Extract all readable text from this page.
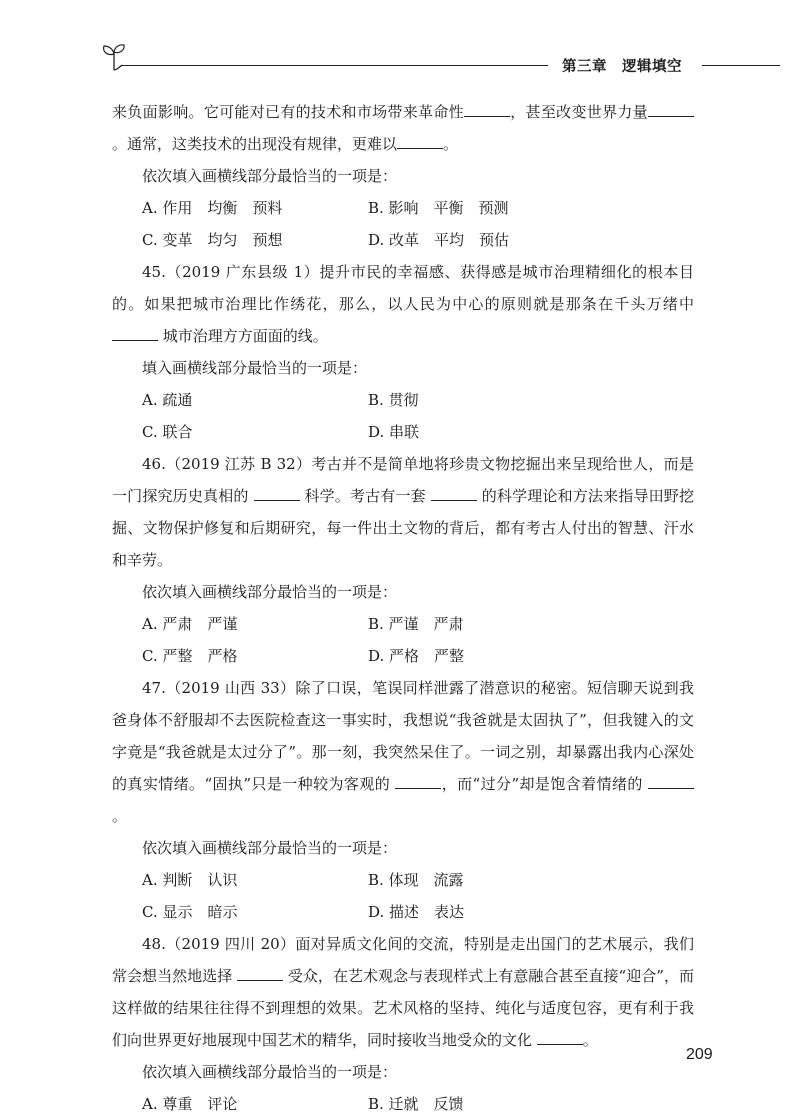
第三章　逻辑填空

来负面影响。它可能对已有的技术和市场带来革命性	，甚至改变世界力量。通常，这类技术的出现没有规律，更难以	。

依次填入画横线部分最恰当的一项是：

A. 作用　均衡　预料	B. 影响　平衡　预测
C. 变革　均匀　预想	D. 改革　平均　预估

45.（2019 广东县级 1）提升市民的幸福感、获得感是城市治理精细化的根本目的。如果把城市治理比作绣花，那么，以人民为中心的原则就是那条在千头万绪中 城市治理方方面面的线。

填入画横线部分最恰当的一项是：

A. 疏通	B. 贯彻
C. 联合	D. 串联

46.（2019 江苏 B 32）考古并不是简单地将珍贵文物挖掘出来呈现给世人，而是一门探究历史真相的	科学。考古有一套	的科学理论和方法来指导田野挖掘、文物保护修复和后期研究，每一件出土文物的背后，都有考古人付出的智慧、汗水和辛劳。

依次填入画横线部分最恰当的一项是：

A. 严肃　严谨	B. 严谨　严肃
C. 严整　严格	D. 严格　严整

47.（2019 山西 33）除了口误，笔误同样泄露了潜意识的秘密。短信聊天说到我爸身体不舒服却不去医院检查这一事实时，我想说“我爸就是太固执了”，但我键入的文字竟是“我爸就是太过分了”。那一刻，我突然呆住了。一词之别，却暴露出我内心深处的真实情绪。“固执”只是一种较为客观的	，而“过分”却是饱含着情绪的 。

依次填入画横线部分最恰当的一项是：

A. 判断　认识	B. 体现　流露
C. 显示　暗示	D. 描述　表达

48.（2019 四川 20）面对异质文化间的交流，特别是走出国门的艺术展示，我们常会想当然地选择	受众，在艺术观念与表现样式上有意融合甚至直接“迎合”，而这样做的结果往往得不到理想的效果。艺术风格的坚持、纯化与适度包容，更有利于我们向世界更好地展现中国艺术的精华，同时接收当地受众的文化	。

依次填入画横线部分最恰当的一项是：

A. 尊重　评论	B. 迁就　反馈
209
